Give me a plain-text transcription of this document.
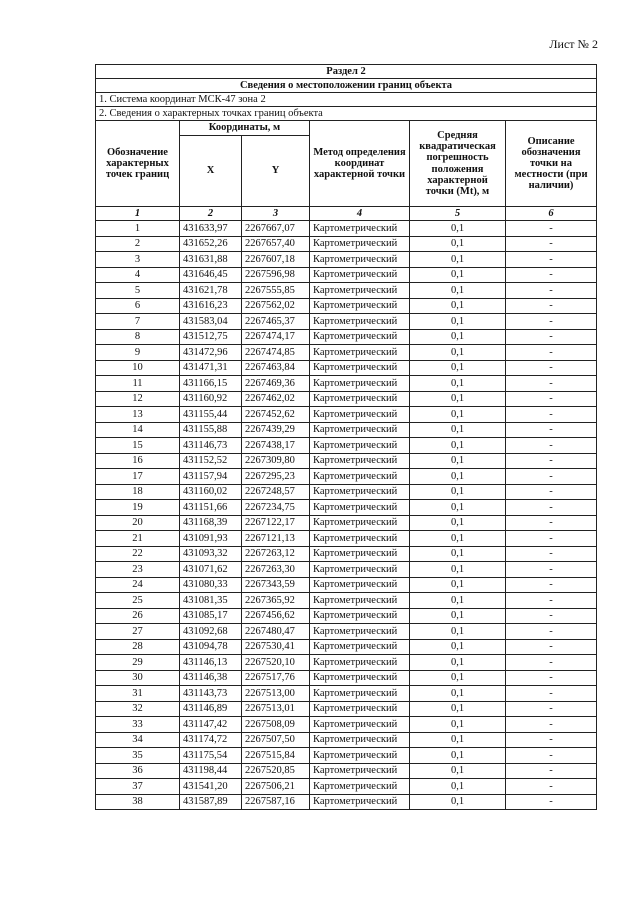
Лист № 2
Раздел 2					
Сведения о местоположении границ объекта					
1. Система координат МСК-47 зона 2					
2. Сведения о характерных точках границ объекта					
Обозначение характерных точек границ	Координаты, м		Метод определения координат характерной точки	Средняя квадратическая погрешность положения характерной точки (Mt), м	Описание обозначения точки на местности (при наличии)
	X	Y			
1	2	3	4	5	6
1	431633,97	2267667,07	Картометрический	0,1	-
2	431652,26	2267657,40	Картометрический	0,1	-
3	431631,88	2267607,18	Картометрический	0,1	-
4	431646,45	2267596,98	Картометрический	0,1	-
5	431621,78	2267555,85	Картометрический	0,1	-
6	431616,23	2267562,02	Картометрический	0,1	-
7	431583,04	2267465,37	Картометрический	0,1	-
8	431512,75	2267474,17	Картометрический	0,1	-
9	431472,96	2267474,85	Картометрический	0,1	-
10	431471,31	2267463,84	Картометрический	0,1	-
11	431166,15	2267469,36	Картометрический	0,1	-
12	431160,92	2267462,02	Картометрический	0,1	-
13	431155,44	2267452,62	Картометрический	0,1	-
14	431155,88	2267439,29	Картометрический	0,1	-
15	431146,73	2267438,17	Картометрический	0,1	-
16	431152,52	2267309,80	Картометрический	0,1	-
17	431157,94	2267295,23	Картометрический	0,1	-
18	431160,02	2267248,57	Картометрический	0,1	-
19	431151,66	2267234,75	Картометрический	0,1	-
20	431168,39	2267122,17	Картометрический	0,1	-
21	431091,93	2267121,13	Картометрический	0,1	-
22	431093,32	2267263,12	Картометрический	0,1	-
23	431071,62	2267263,30	Картометрический	0,1	-
24	431080,33	2267343,59	Картометрический	0,1	-
25	431081,35	2267365,92	Картометрический	0,1	-
26	431085,17	2267456,62	Картометрический	0,1	-
27	431092,68	2267480,47	Картометрический	0,1	-
28	431094,78	2267530,41	Картометрический	0,1	-
29	431146,13	2267520,10	Картометрический	0,1	-
30	431146,38	2267517,76	Картометрический	0,1	-
31	431143,73	2267513,00	Картометрический	0,1	-
32	431146,89	2267513,01	Картометрический	0,1	-
33	431147,42	2267508,09	Картометрический	0,1	-
34	431174,72	2267507,50	Картометрический	0,1	-
35	431175,54	2267515,84	Картометрический	0,1	-
36	431198,44	2267520,85	Картометрический	0,1	-
37	431541,20	2267506,21	Картометрический	0,1	-
38	431587,89	2267587,16	Картометрический	0,1	-
